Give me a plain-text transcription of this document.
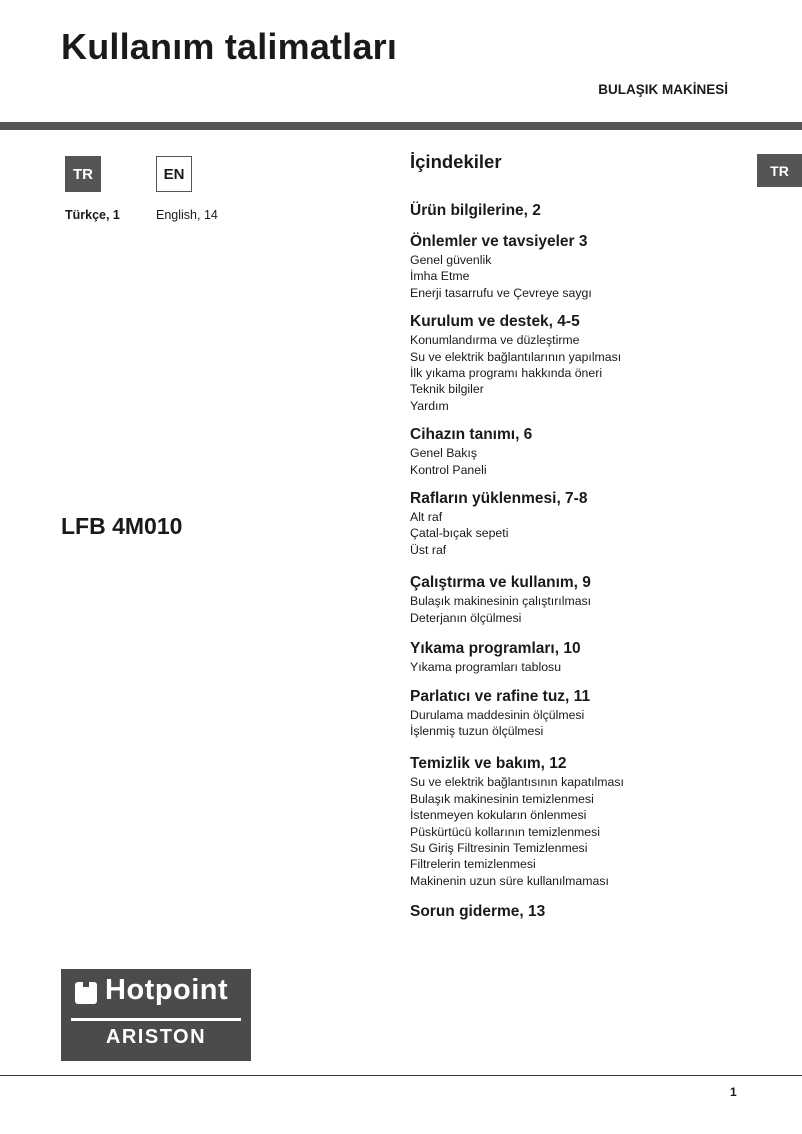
Kullanım talimatları
BULAŞIK MAKİNESİ
TR	EN
Türkçe, 1	English, 14
TR
LFB 4M010
İçindekiler
Ürün bilgilerine, 2
Önlemler ve tavsiyeler 3
Genel güvenlik
İmha Etme
Enerji tasarrufu ve Çevreye saygı
Kurulum ve destek, 4-5
Konumlandırma ve düzleştirme
Su ve elektrik bağlantılarının yapılması
İlk yıkama programı hakkında öneri
Teknik bilgiler
Yardım
Cihazın tanımı, 6
Genel Bakış
Kontrol Paneli
Rafların yüklenmesi, 7-8
Alt raf
Çatal-bıçak sepeti
Üst raf
Çalıştırma ve kullanım, 9
Bulaşık makinesinin çalıştırılması
Deterjanın ölçülmesi
Yıkama programları, 10
Yıkama programları tablosu
Parlatıcı ve rafine tuz, 11
Durulama maddesinin ölçülmesi
İşlenmiş tuzun ölçülmesi
Temizlik ve bakım, 12
Su ve elektrik bağlantısının kapatılması
Bulaşık makinesinin temizlenmesi
İstenmeyen kokuların önlenmesi
Püskürtücü kollarının temizlenmesi
Su Giriş Filtresinin Temizlenmesi
Filtrelerin temizlenmesi
Makinenin uzun süre kullanılmaması
Sorun giderme, 13
Hotpoint
ARISTON
1
